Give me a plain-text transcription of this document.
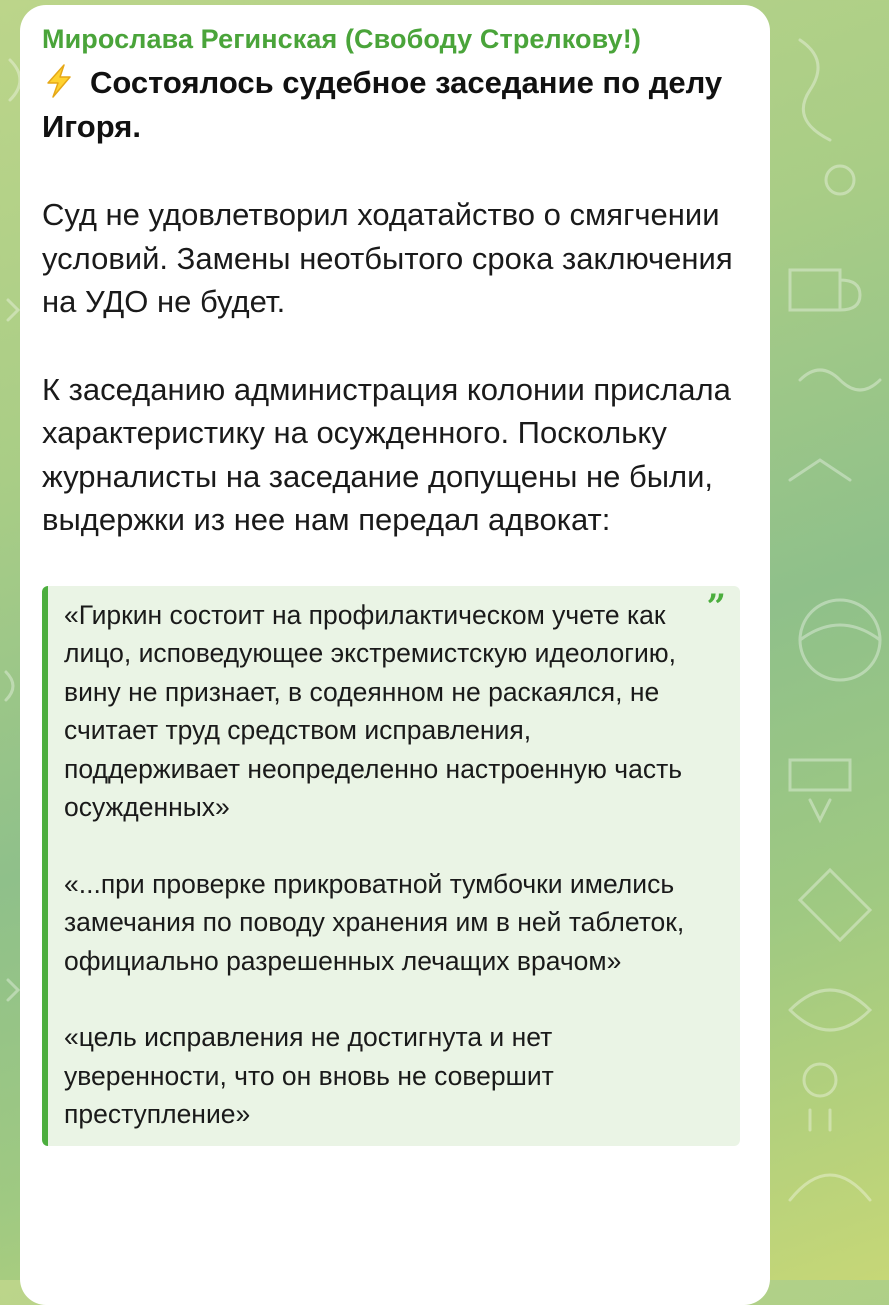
Мирослава Регинская (Свободу Стрелкову!)

Состоялось судебное заседание по делу Игоря.

Суд не удовлетворил ходатайство о смягчении условий. Замены неотбытого срока заключения на УДО не будет.

К заседанию администрация колонии прислала характеристику на осужденного. Поскольку журналисты на заседание допущены не были, выдержки из нее нам передал адвокат:

”

«Гиркин состоит на профилактическом учете как лицо, исповедующее экстремистскую идеологию, вину не признает, в содеянном не раскаялся, не считает труд средством исправления, поддерживает неопределенно настроенную часть осужденных»

«...при проверке прикроватной тумбочки имелись замечания по поводу хранения им в ней таблеток, официально разрешенных лечащих врачом»

«цель исправления не достигнута и нет уверенности, что он вновь не совершит преступление»
